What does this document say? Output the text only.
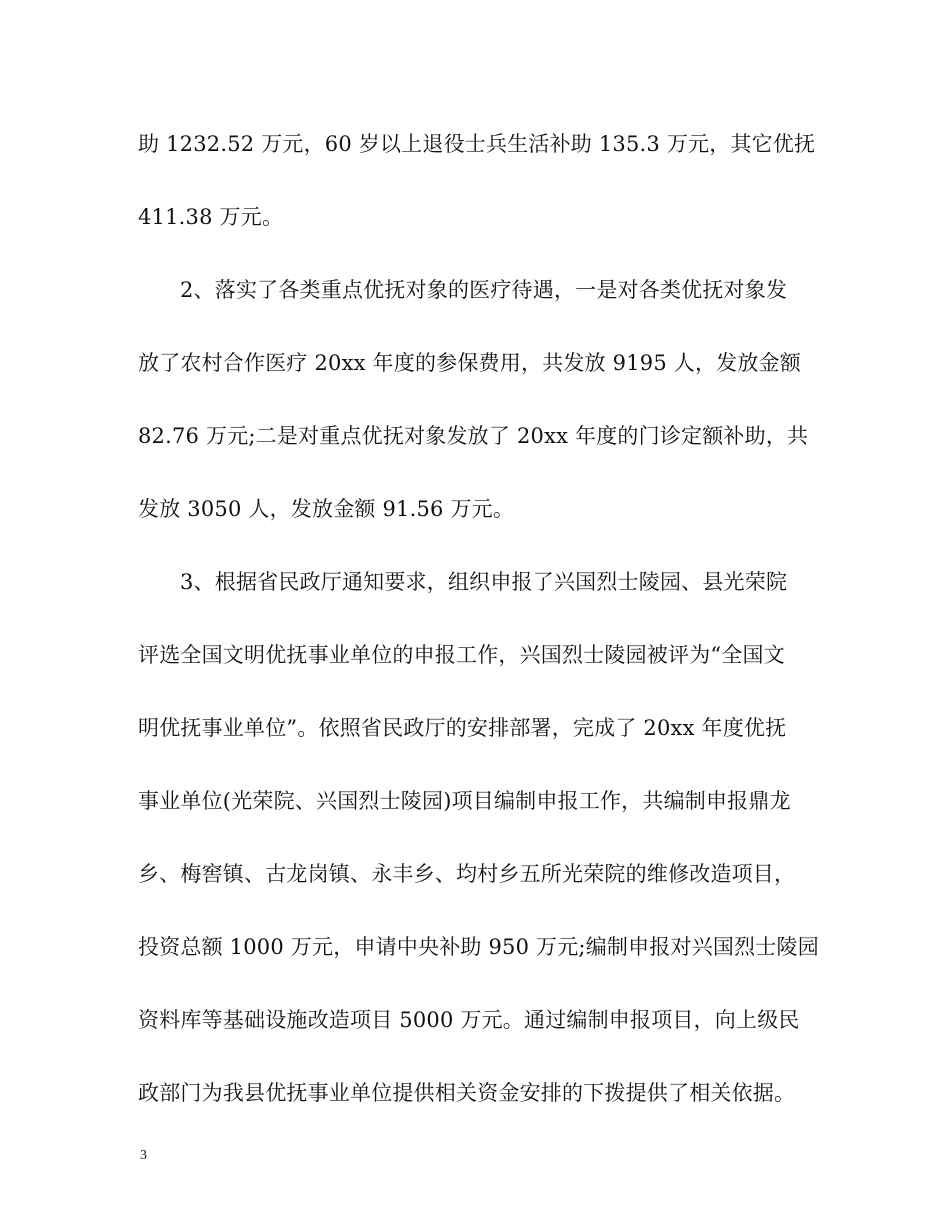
助 1232.52 万元，60 岁以上退役士兵生活补助 135.3 万元，其它优抚
411.38 万元。
2、落实了各类重点优抚对象的医疗待遇，一是对各类优抚对象发
放了农村合作医疗 20xx 年度的参保费用，共发放 9195 人，发放金额
82.76 万元;二是对重点优抚对象发放了 20xx 年度的门诊定额补助，共
发放 3050 人，发放金额 91.56 万元。
3、根据省民政厅通知要求，组织申报了兴国烈士陵园、县光荣院
评选全国文明优抚事业单位的申报工作，兴国烈士陵园被评为“全国文
明优抚事业单位”。依照省民政厅的安排部署，完成了 20xx 年度优抚
事业单位(光荣院、兴国烈士陵园)项目编制申报工作，共编制申报鼎龙
乡、梅窖镇、古龙岗镇、永丰乡、均村乡五所光荣院的维修改造项目，
投资总额 1000 万元，申请中央补助 950 万元;编制申报对兴国烈士陵园
资料库等基础设施改造项目 5000 万元。通过编制申报项目，向上级民
政部门为我县优抚事业单位提供相关资金安排的下拨提供了相关依据。
3
